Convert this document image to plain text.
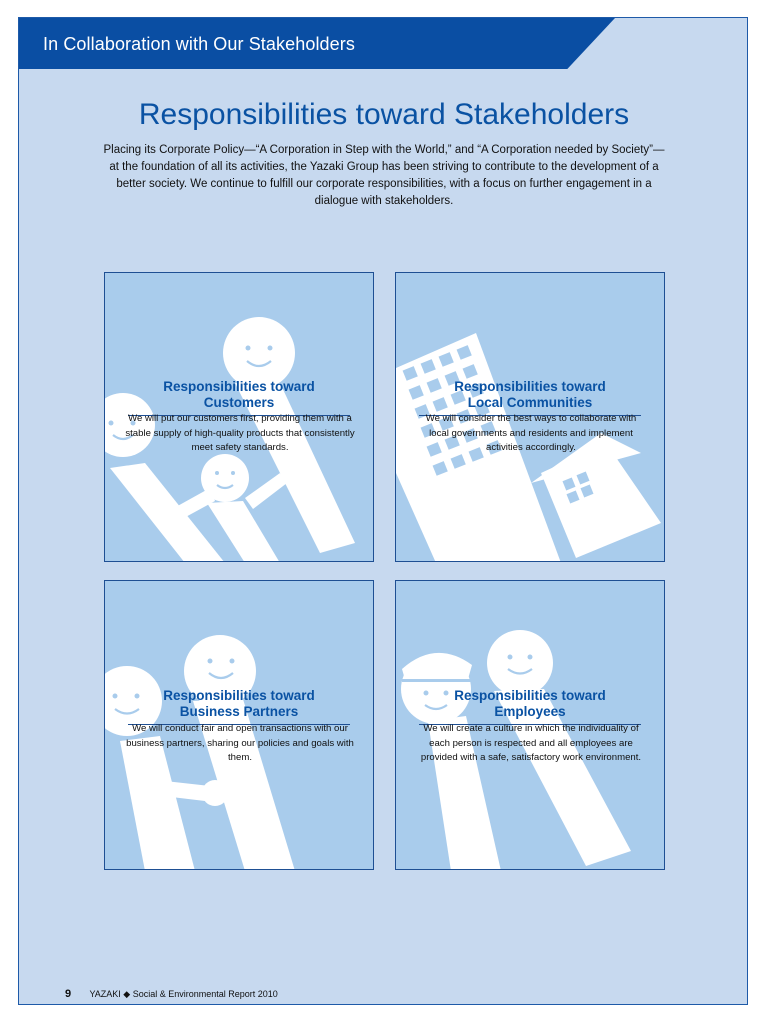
In Collaboration with Our Stakeholders
Responsibilities toward Stakeholders
Placing its Corporate Policy—“A Corporation in Step with the World,” and “A Corporation needed by Society”—at the foundation of all its activities, the Yazaki Group has been striving to contribute to the development of a better society. We continue to fulfill our corporate responsibilities, with a focus on further engagement in a dialogue with stakeholders.
Responsibilities toward
Customers
We will put our customers first, providing them with a stable supply of high-quality products that consistently meet safety standards.
Responsibilities toward
Local Communities
We will consider the best ways to collaborate with local governments and residents and implement activities accordingly.
Responsibilities toward
Business Partners
We will conduct fair and open transactions with our business partners, sharing our policies and goals with them.
Responsibilities toward
Employees
We will create a culture in which the individuality of each person is respected and all employees are provided with a safe, satisfactory work environment.
9 YAZAKI ◆ Social & Environmental Report 2010
